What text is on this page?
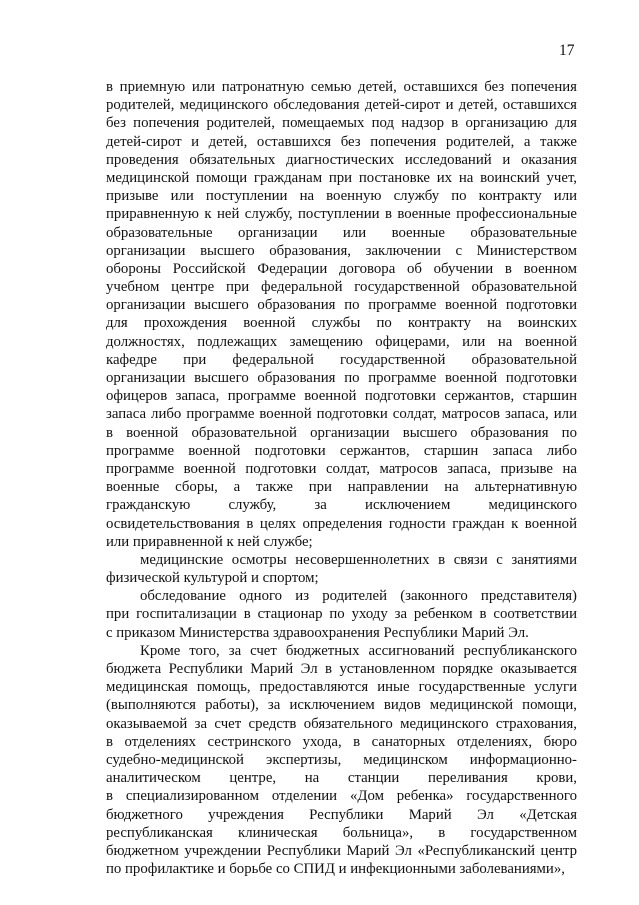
17
в приемную или патронатную семью детей, оставшихся без попечения
родителей, медицинского обследования детей-сирот и детей, оставшихся
без попечения родителей, помещаемых под надзор в организацию для
детей-сирот и детей, оставшихся без попечения родителей, а также
проведения обязательных диагностических исследований и оказания
медицинской помощи гражданам при постановке их на воинский учет,
призыве или поступлении на военную службу по контракту или
приравненную к ней службу, поступлении в военные профессиональные
образовательные организации или военные образовательные
организации высшего образования, заключении с Министерством
обороны Российской Федерации договора об обучении в военном
учебном центре при федеральной государственной образовательной
организации высшего образования по программе военной подготовки
для прохождения военной службы по контракту на воинских
должностях, подлежащих замещению офицерами, или на военной
кафедре при федеральной государственной образовательной
организации высшего образования по программе военной подготовки
офицеров запаса, программе военной подготовки сержантов, старшин
запаса либо программе военной подготовки солдат, матросов запаса, или
в военной образовательной организации высшего образования по
программе военной подготовки сержантов, старшин запаса либо
программе военной подготовки солдат, матросов запаса, призыве на
военные сборы, а также при направлении на альтернативную
гражданскую службу, за исключением медицинского
освидетельствования в целях определения годности граждан к военной
или приравненной к ней службе;
медицинские осмотры несовершеннолетних в связи с занятиями
физической культурой и спортом;
обследование одного из родителей (законного представителя)
при госпитализации в стационар по уходу за ребенком в соответствии
с приказом Министерства здравоохранения Республики Марий Эл.
Кроме того, за счет бюджетных ассигнований республиканского
бюджета Республики Марий Эл в установленном порядке оказывается
медицинская помощь, предоставляются иные государственные услуги
(выполняются работы), за исключением видов медицинской помощи,
оказываемой за счет средств обязательного медицинского страхования,
в отделениях сестринского ухода, в санаторных отделениях, бюро
судебно-медицинской экспертизы, медицинском информационно-
аналитическом центре, на станции переливания крови,
в специализированном отделении «Дом ребенка» государственного
бюджетного учреждения Республики Марий Эл «Детская
республиканская клиническая больница», в государственном
бюджетном учреждении Республики Марий Эл «Республиканский центр
по профилактике и борьбе со СПИД и инфекционными заболеваниями»,
